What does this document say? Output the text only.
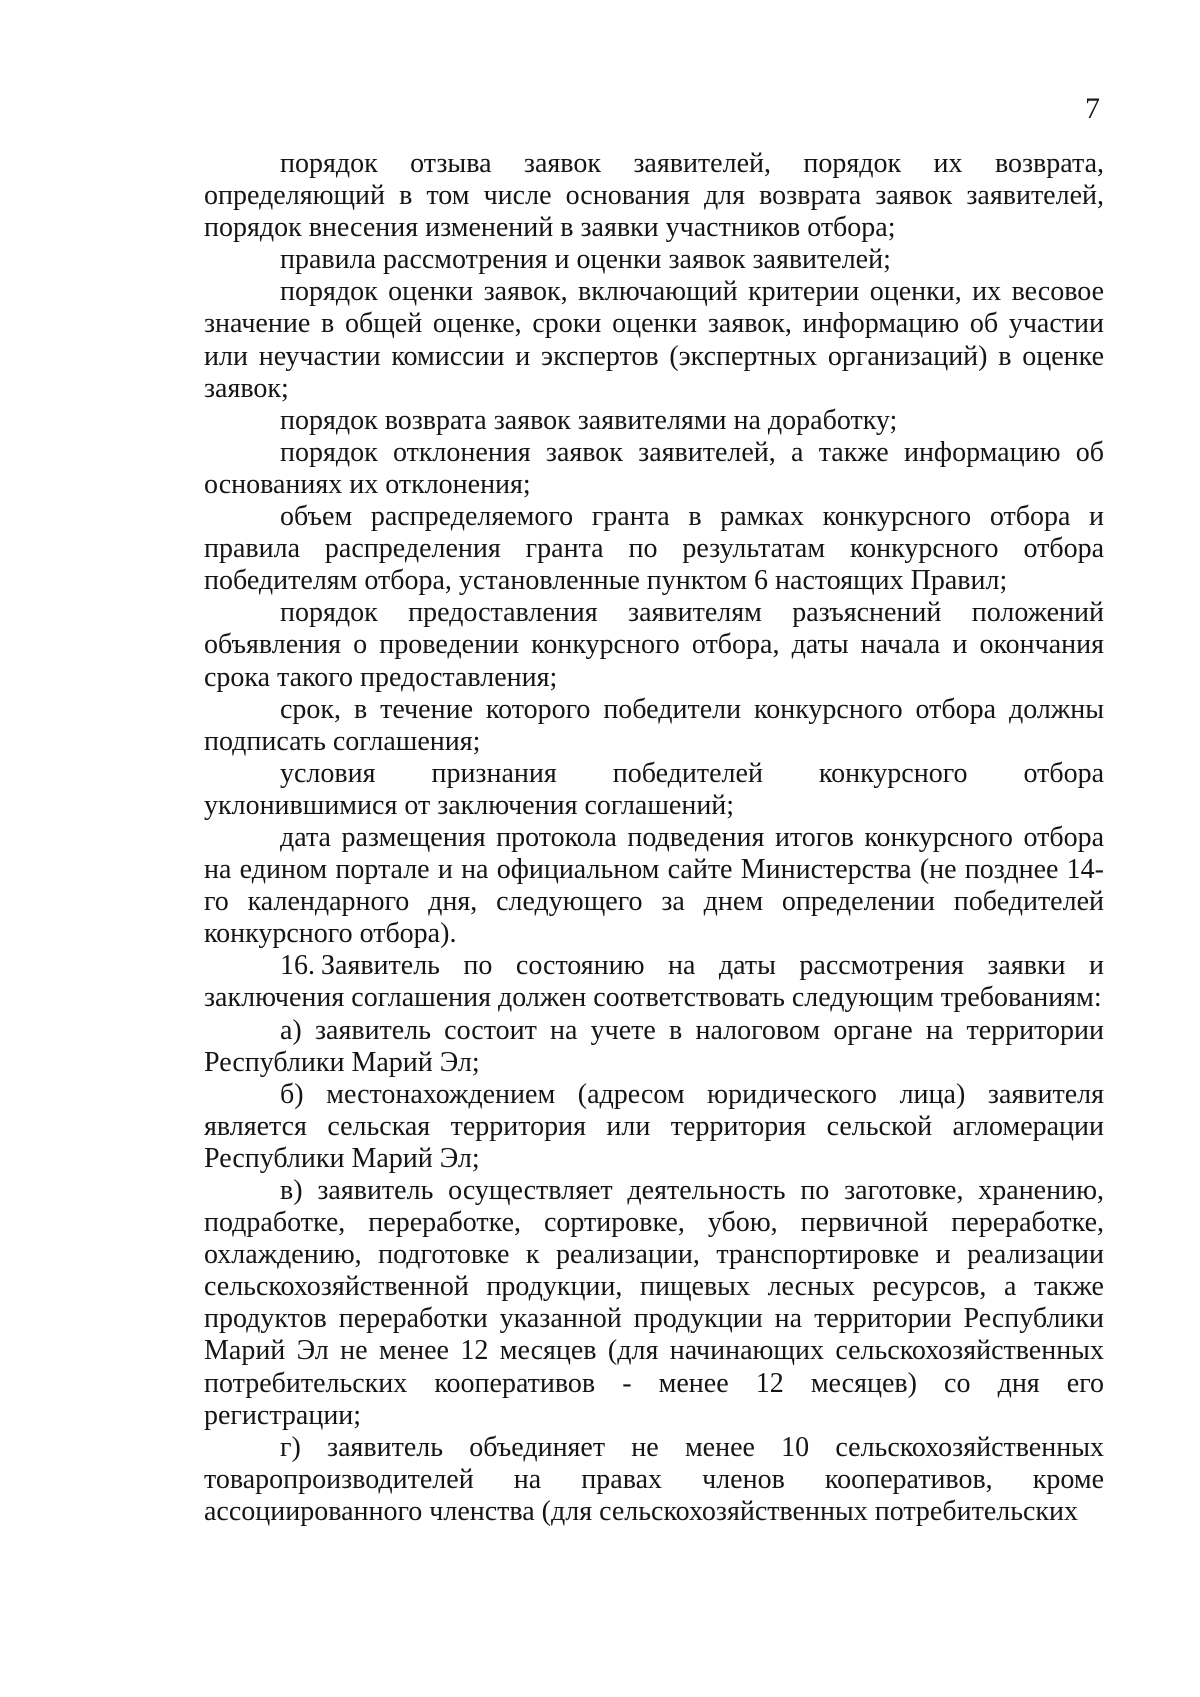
7

порядок отзыва заявок заявителей, порядок их возврата, определяющий в том числе основания для возврата заявок заявителей, порядок внесения изменений в заявки участников отбора;

правила рассмотрения и оценки заявок заявителей;

порядок оценки заявок, включающий критерии оценки, их весовое значение в общей оценке, сроки оценки заявок, информацию об участии или неучастии комиссии и экспертов (экспертных организаций) в оценке заявок;

порядок возврата заявок заявителями на доработку;

порядок отклонения заявок заявителей, а также информацию об основаниях их отклонения;

объем распределяемого гранта в рамках конкурсного отбора и правила распределения гранта по результатам конкурсного отбора победителям отбора, установленные пунктом 6 настоящих Правил;

порядок предоставления заявителям разъяснений положений объявления о проведении конкурсного отбора, даты начала и окончания срока такого предоставления;

срок, в течение которого победители конкурсного отбора должны подписать соглашения;

условия признания победителей конкурсного отбора уклонившимися от заключения соглашений;

дата размещения протокола подведения итогов конкурсного отбора на едином портале и на официальном сайте Министерства (не позднее 14-го календарного дня, следующего за днем определении победителей конкурсного отбора).

16. Заявитель по состоянию на даты рассмотрения заявки и заключения соглашения должен соответствовать следующим требованиям:

а) заявитель состоит на учете в налоговом органе на территории Республики Марий Эл;

б) местонахождением (адресом юридического лица) заявителя является сельская территория или территория сельской агломерации Республики Марий Эл;

в) заявитель осуществляет деятельность по заготовке, хранению, подработке, переработке, сортировке, убою, первичной переработке, охлаждению, подготовке к реализации, транспортировке и реализации сельскохозяйственной продукции, пищевых лесных ресурсов, а также продуктов переработки указанной продукции на территории Республики Марий Эл не менее 12 месяцев (для начинающих сельскохозяйственных потребительских кооперативов - менее 12 месяцев) со дня его регистрации;

г) заявитель объединяет не менее 10 сельскохозяйственных товаропроизводителей на правах членов кооперативов, кроме ассоциированного членства (для сельскохозяйственных потребительских
